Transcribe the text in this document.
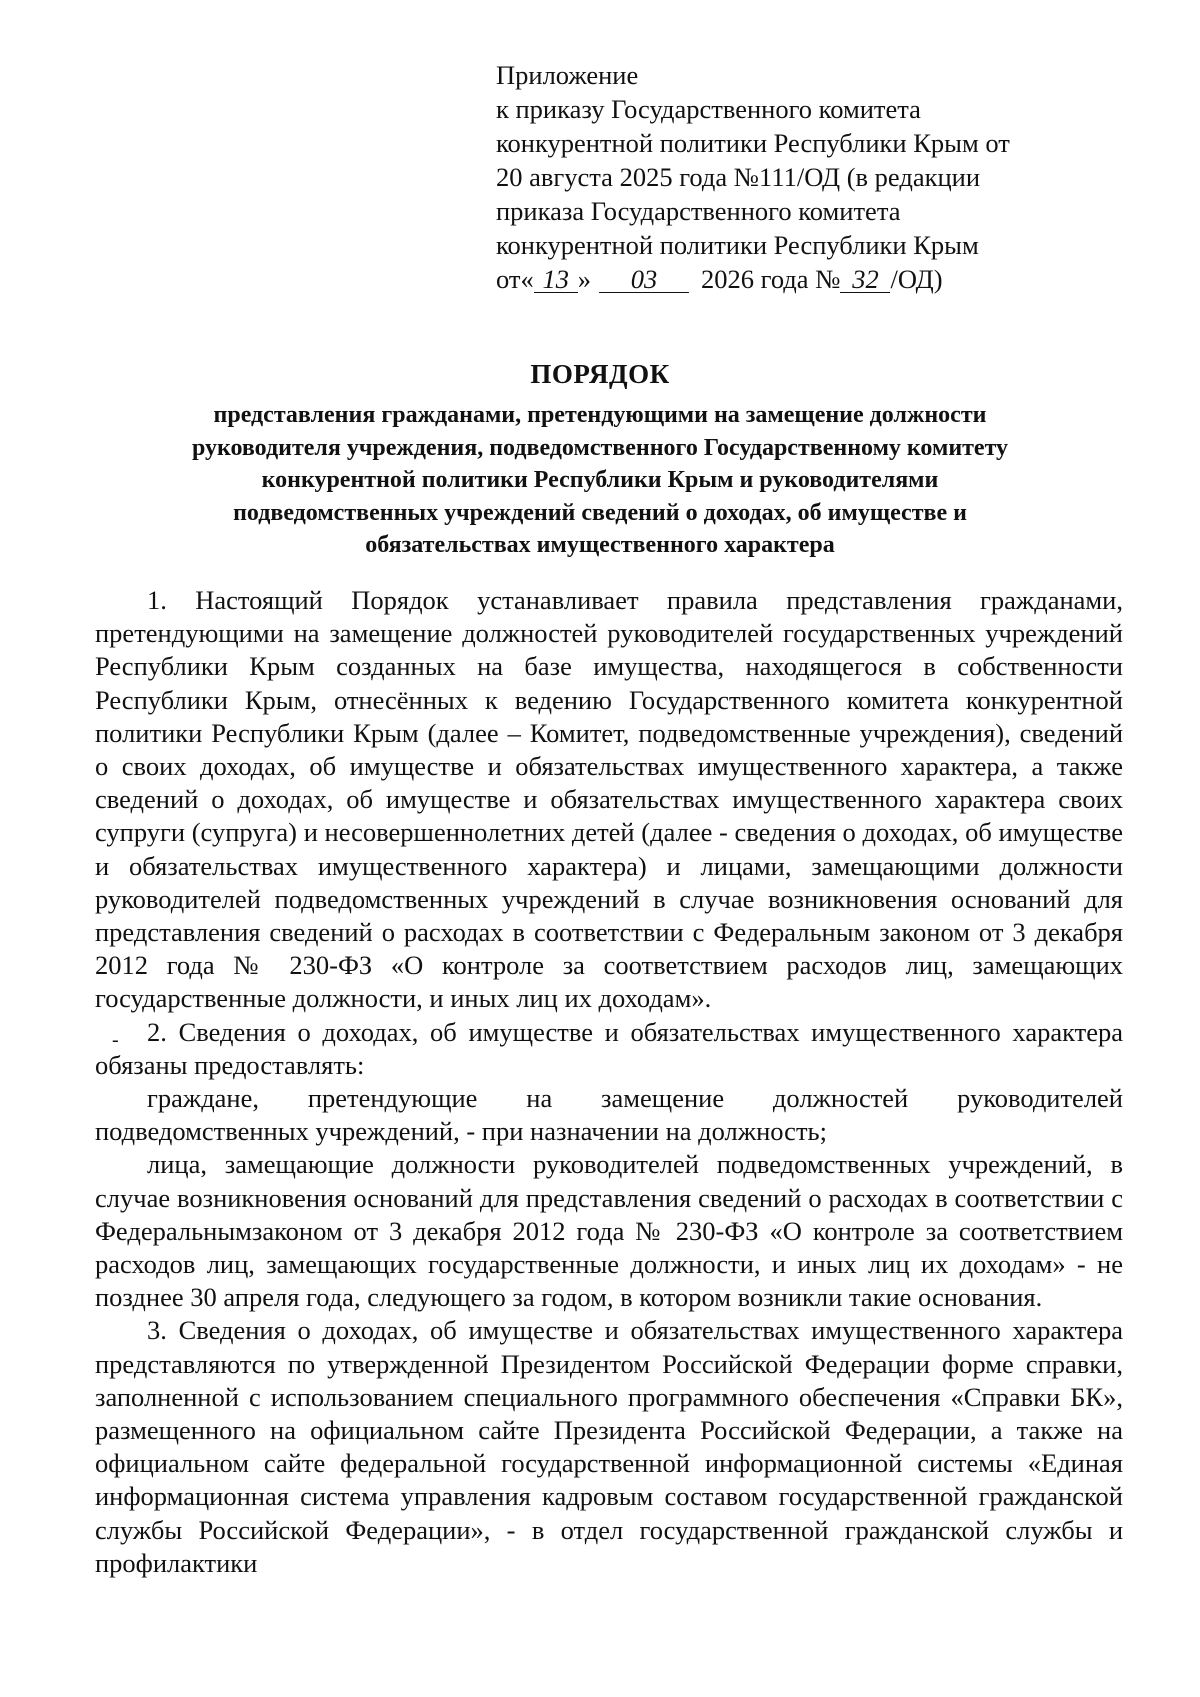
Приложение
к приказу Государственного комитета
конкурентной политики Республики Крым от
20 августа 2025 года №111/ОД (в редакции
приказа Государственного комитета
конкурентной политики Республики Крым
от« 13 » 03 2026 года № 32 /ОД)
ПОРЯДОК
представления гражданами, претендующими на замещение должности
руководителя учреждения, подведомственного Государственному комитету
конкурентной политики Республики Крым и руководителями
подведомственных учреждений сведений о доходах, об имуществе и
обязательствах имущественного характера
-

1. Настоящий Порядок устанавливает правила представления гражданами, претендующими на замещение должностей руководителей государственных учреждений Республики Крым созданных на базе имущества, находящегося в собственности Республики Крым, отнесённых к ведению Государственного комитета конкурентной политики Республики Крым (далее – Комитет, подведомственные учреждения), сведений о своих доходах, об имуществе и обязательствах имущественного характера, а также сведений о доходах, об имуществе и обязательствах имущественного характера своих супруги (супруга) и несовершеннолетних детей (далее - сведения о доходах, об имуществе и обязательствах имущественного характера) и лицами, замещающими должности руководителей подведомственных учреждений в случае возникновения оснований для представления сведений о расходах в соответствии с Федеральным законом от 3 декабря 2012 года № 230-ФЗ «О контроле за соответствием расходов лиц, замещающих государственные должности, и иных лиц их доходам».

2. Сведения о доходах, об имуществе и обязательствах имущественного характера обязаны предоставлять:

граждане, претендующие на замещение должностей руководителей подведомственных учреждений, - при назначении на должность;

лица, замещающие должности руководителей подведомственных учреждений, в случае возникновения оснований для представления сведений о расходах в соответствии с Федеральнымзаконом от 3 декабря 2012 года № 230-ФЗ «О контроле за соответствием расходов лиц, замещающих государственные должности, и иных лиц их доходам» - не позднее 30 апреля года, следующего за годом, в котором возникли такие основания.

3. Сведения о доходах, об имуществе и обязательствах имущественного характера представляются по утвержденной Президентом Российской Федерации форме справки, заполненной с использованием специального программного обеспечения «Справки БК», размещенного на официальном сайте Президента Российской Федерации, а также на официальном сайте федеральной государственной информационной системы «Единая информационная система управления кадровым составом государственной гражданской службы Российской Федерации», - в отдел государственной гражданской службы и профилактики
